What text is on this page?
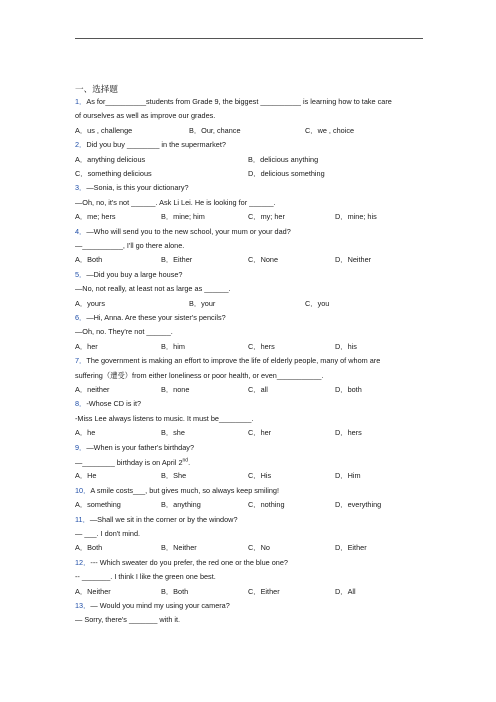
一、选择题
1．As for__________students from Grade 9, the biggest __________ is learning how to take care
of ourselves as well as improve our grades.
A．us , challenge	B．Our, chance	C．we , choice
2．Did you buy ________ in the supermarket?
A．anything delicious	B．delicious anything
C．something delicious	D．delicious something
3．—Sonia, is this your dictionary?
—Oh, no, it's not ______. Ask Li Lei. He is looking for ______.
A．me; hers	B．mine; him	C．my; her	D．mine; his
4．—Who will send you to the new school, your mum or your dad?
—__________, I'll go there alone.
A．Both	B．Either	C．None	D．Neither
5．—Did you buy a large house?
—No, not really, at least not as large as ______.
A．yours	B．your	C．you
6．—Hi, Anna. Are these your sister's pencils?
—Oh, no. They're not ______.
A．her	B．him	C．hers	D．his
7．The government is making an effort to improve the life of elderly people, many of whom are
suffering（遭受）from either loneliness or poor health, or even___________.
A．neither	B．none	C．all	D．both
8．-Whose CD is it?
-Miss Lee always listens to music. It must be________.
A．he	B．she	C．her	D．hers
9．—When is your father's birthday?
—________ birthday is on April 2nd.
A．He	B．She	C．His	D．Him
10．A smile costs___, but gives much, so always keep smiling!
A．something	B．anything	C．nothing	D．everything
11．—Shall we sit in the corner or by the window?
— ___. I don't mind.
A．Both	B．Neither	C．No	D．Either
12．--- Which sweater do you prefer, the red one or the blue one?
-- _______. I think I like the green one best.
A．Neither	B．Both	C．Either	D．All
13．— Would you mind my using your camera?
— Sorry, there's _______ with it.
